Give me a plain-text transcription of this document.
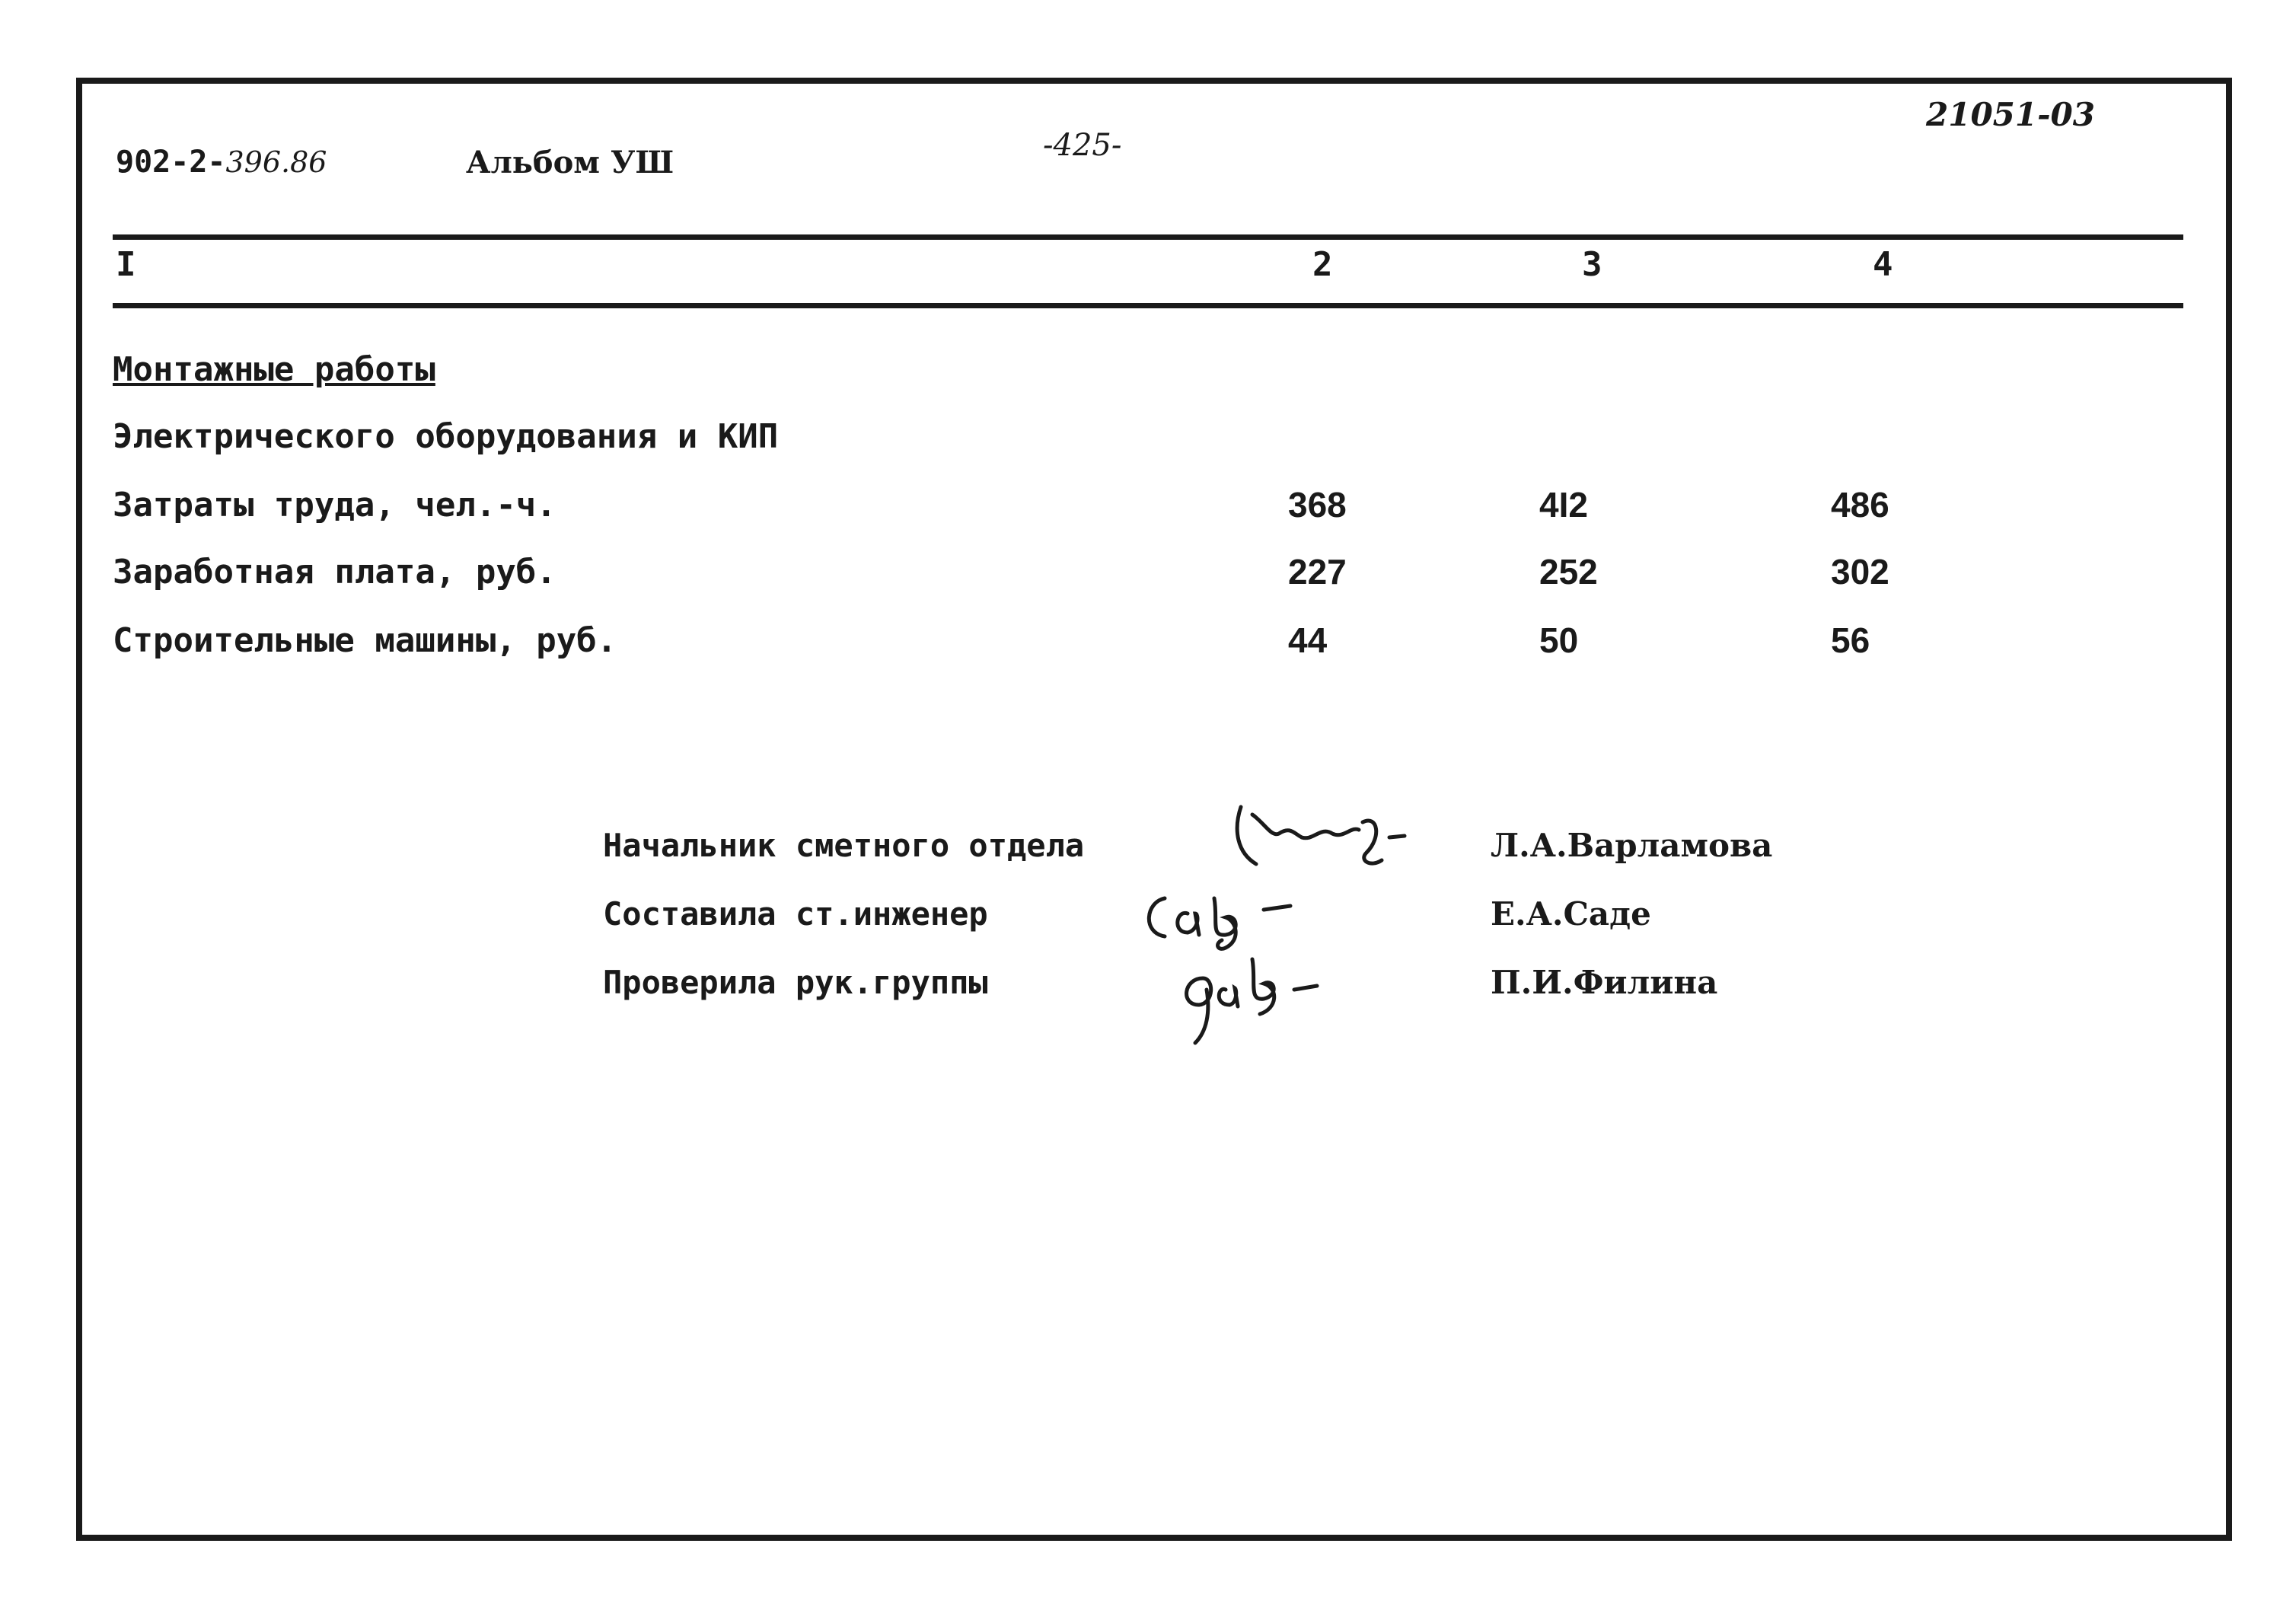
902-2-396.86	Альбом УШ	-425-
21051-03
I	2	3	4
Монтажные работы
Электрического оборудования и КИП
Затраты труда, чел.-ч.	368	4I2	486
Заработная плата, руб.	227	252	302
Строительные машины, руб.	44	50	56
Начальник сметного отдела	Л.А.Варламова
Составила ст.инженер	Е.А.Саде
Проверила рук.группы	П.И.Филина
